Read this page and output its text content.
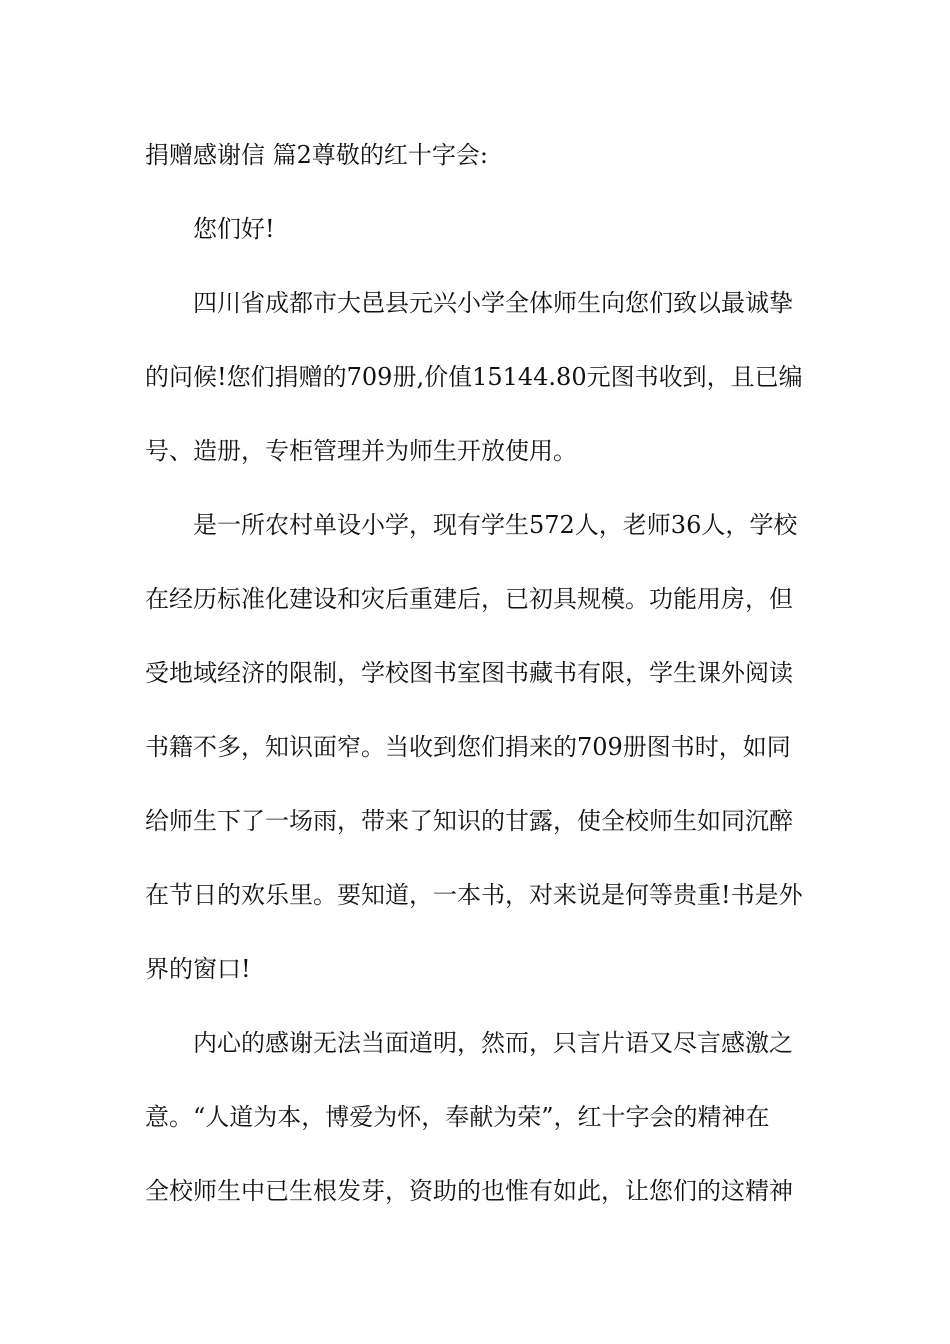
捐赠感谢信 篇2尊敬的红十字会:
您们好!
四川省成都市大邑县元兴小学全体师生向您们致以最诚挚
的问候!您们捐赠的709册,价值15144.80元图书收到，且已编
号、造册，专柜管理并为师生开放使用。
是一所农村单设小学，现有学生572人，老师36人，学校
在经历标准化建设和灾后重建后，已初具规模。功能用房，但
受地域经济的限制，学校图书室图书藏书有限，学生课外阅读
书籍不多，知识面窄。当收到您们捐来的709册图书时，如同
给师生下了一场雨，带来了知识的甘露，使全校师生如同沉醉
在节日的欢乐里。要知道，一本书，对来说是何等贵重!书是外
界的窗口!
内心的感谢无法当面道明，然而，只言片语又尽言感激之
意。“人道为本，博爱为怀，奉献为荣”，红十字会的精神在
全校师生中已生根发芽，资助的也惟有如此，让您们的这精神
